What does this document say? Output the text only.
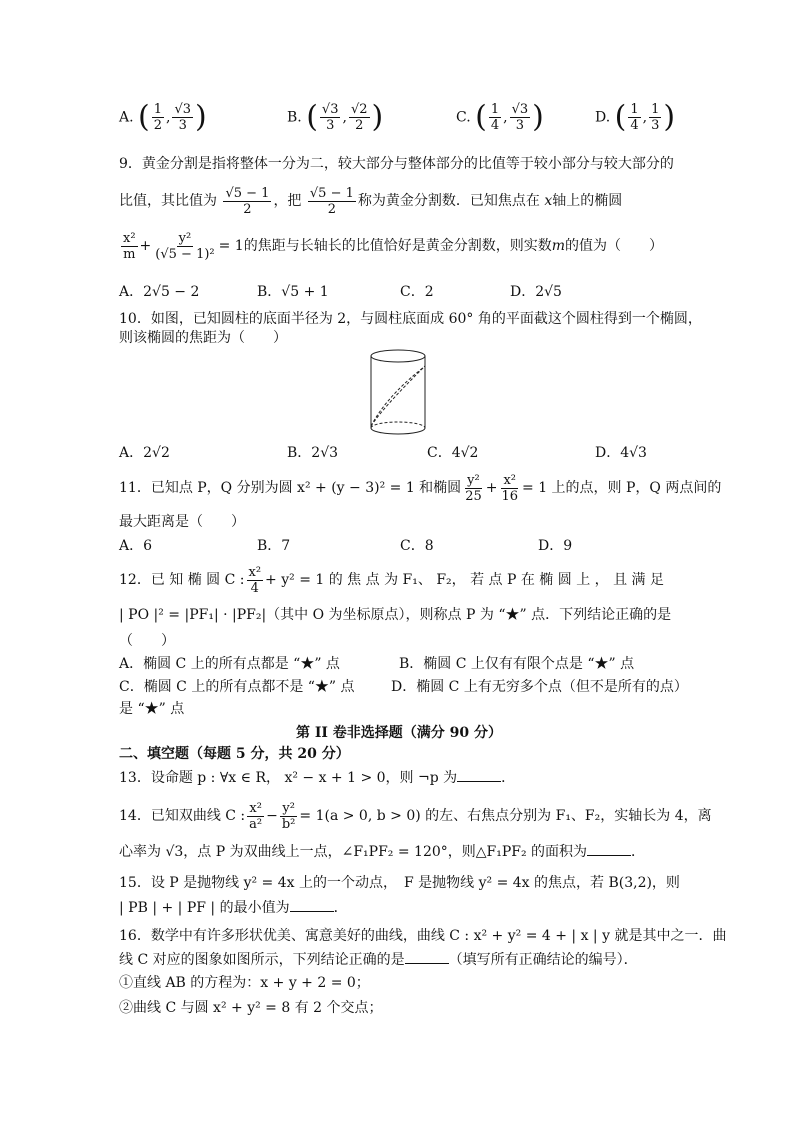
A. ( $\frac{1}{2}$ , $\frac{√3}{3}$ )	B. ( $\frac{√3}{3}$ , $\frac{√2}{2}$ )	C. ( $\frac{1}{4}$ , $\frac{√3}{3}$ )	D. ( $\frac{1}{4}$ , $\frac{1}{3}$ )
9．黄金分割是指将整体一分为二，较大部分与整体部分的比值等于较小部分与较大部分的
比值，其比值为 $\frac{√5 - 1}{2}$ ，把 $\frac{√5 - 1}{2}$ 称为黄金分割数．已知焦点在 x轴上的椭圆
$\frac{\text{x²}}{m} + \frac{\text{y²}}{\text{(√5 − 1)²}} = 1$的焦距与长轴长的比值恰好是黄金分割数，则实数m的值为（　　）
A．2√5 − 2	B．√5 + 1	C．2	D．2√5
10．如图，已知圆柱的底面半径为 2，与圆柱底面成 60° 角的平面截这个圆柱得到一个椭圆，
则该椭圆的焦距为（　　）
A．2√2	B．2√3	C．4√2	D．4√3
11．已知点 P，Q 分别为圆 x² + (y − 3)² = 1 和椭圆 $\frac{\text{y²}}{25} + \frac{\text{x²}}{16} = 1$ 上的点，则 P，Q 两点间的
最大距离是（　　）
A．6	B．7	C．8	D．9
12．已 知 椭 圆 C : $\frac{\text{x²}}{4} + y^2 = 1$ 的 焦 点 为 F₁、 F₂， 若 点 P 在 椭 圆 上 ， 且 满 足
| PO |² = |PF₁| · |PF₂|（其中 O 为坐标原点），则称点 P 为 “★” 点．下列结论正确的是
（　　）
A．椭圆 C 上的所有点都是 “★” 点	B．椭圆 C 上仅有有限个点是 “★” 点
C．椭圆 C 上的所有点都不是 “★” 点	D．椭圆 C 上有无穷多个点（但不是所有的点）
是 “★” 点
第 II 卷非选择题（满分 90 分）
二、填空题（每题 5 分，共 20 分）
13．设命题 p : ∀x ∈ R， x² − x + 1 > 0，则 ¬p 为	．
14．已知双曲线 C : $\frac{\text{x²}}{\text{a²}} - \frac{\text{y²}}{\text{b²}} = 1(a > 0$, b > 0) 的左、右焦点分别为 F₁、F₂，实轴长为 4，离
心率为 √3，点 P 为双曲线上一点，∠F₁PF₂ = 120°，则△F₁PF₂ 的面积为	．
15．设 P 是抛物线 y² = 4x 上的一个动点，　F 是抛物线 y² = 4x 的焦点，若 B(3,2)，则
| PB | + | PF | 的最小值为	．
16．数学中有许多形状优美、寓意美好的曲线，曲线 C : x² + y² = 4 + | x | y 就是其中之一．曲
线 C 对应的图象如图所示，下列结论正确的是	（填写所有正确结论的编号）．
①直线 AB 的方程为：x + y + 2 = 0；
②曲线 C 与圆 x² + y² = 8 有 2 个交点；
